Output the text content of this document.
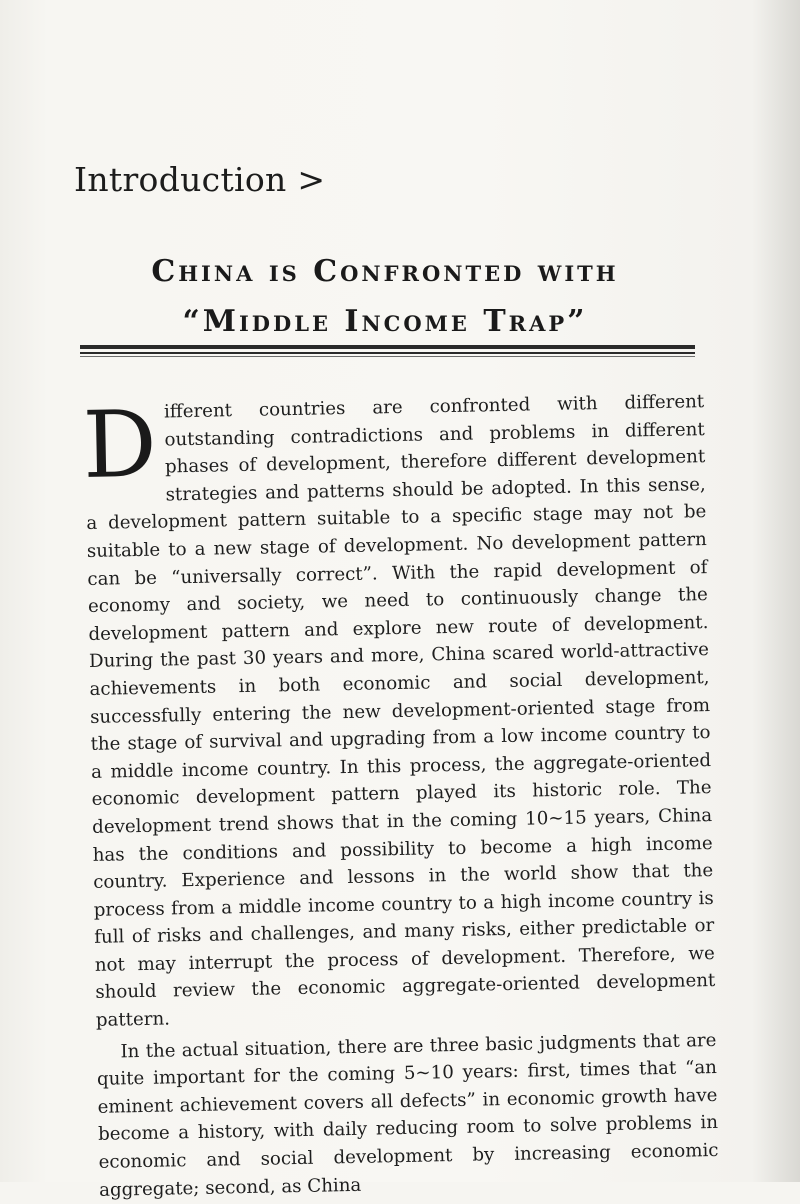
Introduction >
China is Confronted with
“Middle Income Trap”

Different countries are confronted with different outstanding contradictions and problems in different phases of development, therefore different development strategies and patterns should be adopted. In this sense, a development pattern suitable to a specific stage may not be suitable to a new stage of development. No development pattern can be “universally correct”. With the rapid development of economy and society, we need to continuously change the development pattern and explore new route of development. During the past 30 years and more, China scared world-attractive achievements in both economic and social development, successfully entering the new development-oriented stage from the stage of survival and upgrading from a low income country to a middle income country. In this process, the aggregate-oriented economic development pattern played its historic role. The development trend shows that in the coming 10~15 years, China has the conditions and possibility to become a high income country. Experience and lessons in the world show that the process from a middle income country to a high income country is full of risks and challenges, and many risks, either predictable or not may interrupt the process of development. Therefore, we should review the economic aggregate-oriented development pattern.

In the actual situation, there are three basic judgments that are quite important for the coming 5~10 years: first, times that “an eminent achievement covers all defects” in economic growth have become a history, with daily reducing room to solve problems in economic and social development by increasing economic aggregate; second, as China
